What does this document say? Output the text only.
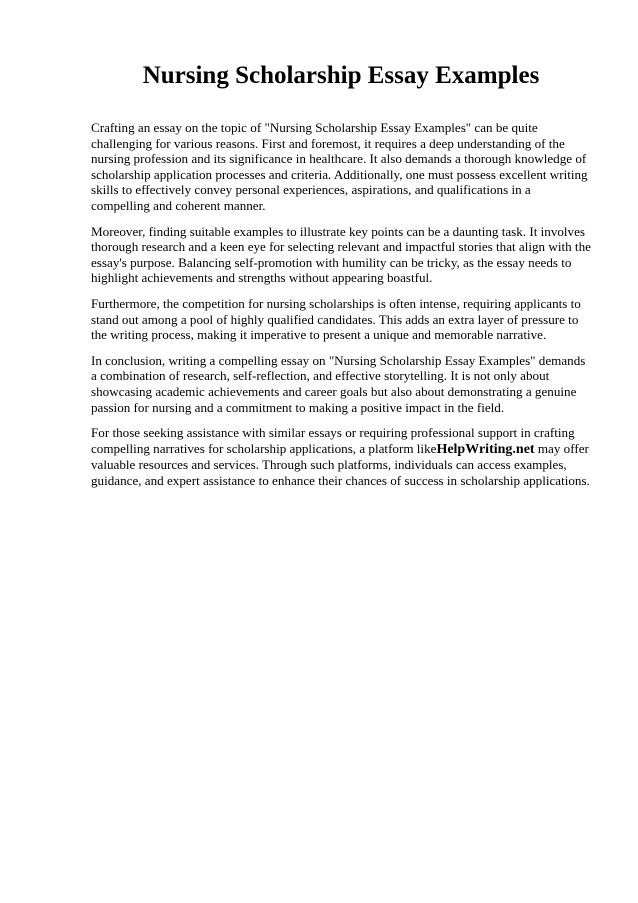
Nursing Scholarship Essay Examples

Crafting an essay on the topic of "Nursing Scholarship Essay Examples" can be quite challenging for various reasons. First and foremost, it requires a deep understanding of the nursing profession and its significance in healthcare. It also demands a thorough knowledge of scholarship application processes and criteria. Additionally, one must possess excellent writing skills to effectively convey personal experiences, aspirations, and qualifications in a compelling and coherent manner.

Moreover, finding suitable examples to illustrate key points can be a daunting task. It involves thorough research and a keen eye for selecting relevant and impactful stories that align with the essay's purpose. Balancing self-promotion with humility can be tricky, as the essay needs to highlight achievements and strengths without appearing boastful.

Furthermore, the competition for nursing scholarships is often intense, requiring applicants to stand out among a pool of highly qualified candidates. This adds an extra layer of pressure to the writing process, making it imperative to present a unique and memorable narrative.

In conclusion, writing a compelling essay on "Nursing Scholarship Essay Examples" demands a combination of research, self-reflection, and effective storytelling. It is not only about showcasing academic achievements and career goals but also about demonstrating a genuine passion for nursing and a commitment to making a positive impact in the field.

For those seeking assistance with similar essays or requiring professional support in crafting compelling narratives for scholarship applications, a platform likeHelpWriting.net may offer valuable resources and services. Through such platforms, individuals can access examples, guidance, and expert assistance to enhance their chances of success in scholarship applications.
